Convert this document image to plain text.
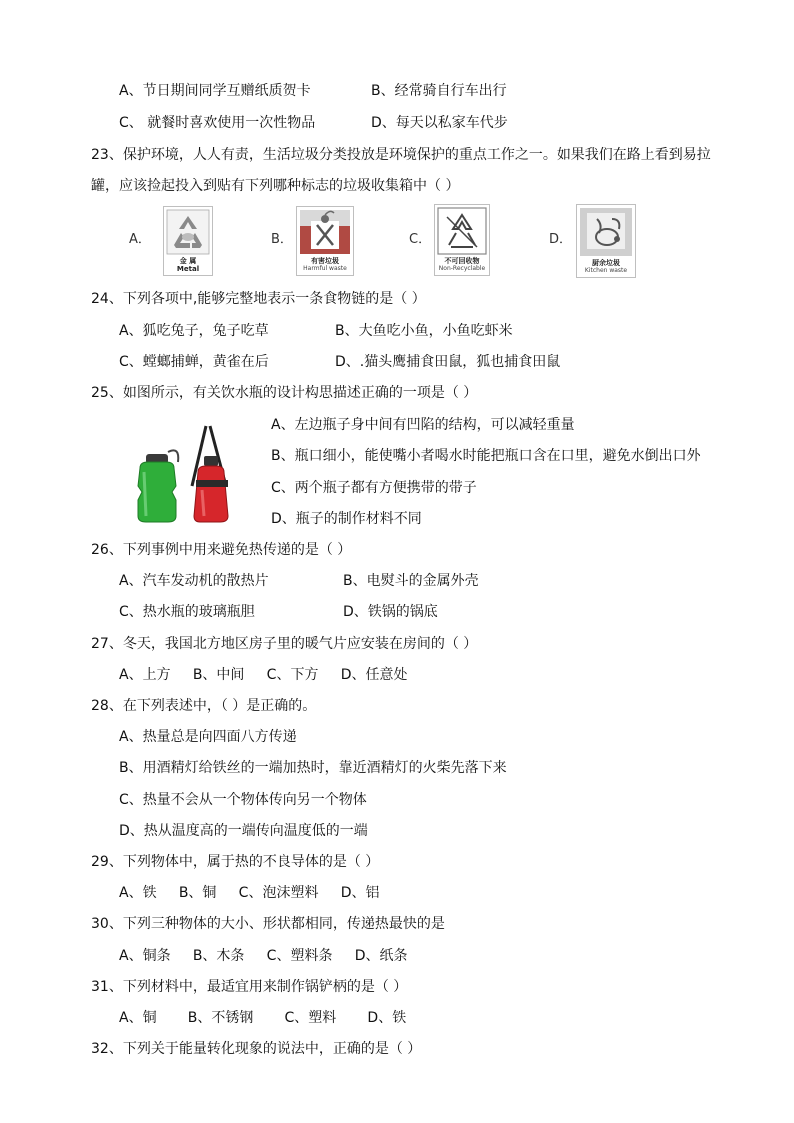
A、节日期间同学互赠纸质贺卡	B、经常骑自行车出行
C、 就餐时喜欢使用一次性物品	D、每天以私家车代步
23、保护环境，人人有责，生活垃圾分类投放是环境保护的重点工作之一。如果我们在路上看到易拉
罐，应该捡起投入到贴有下列哪种标志的垃圾收集箱中（ ）
A．
金 属
Metal
B．
有害垃圾
Harmful waste
C．
不可回收物
Non-Recyclable
D．
厨余垃圾
Kitchen waste
24、下列各项中,能够完整地表示一条食物链的是（ ）
A、狐吃兔子，兔子吃草	B、大鱼吃小鱼，小鱼吃虾米
C、螳螂捕蝉，黄雀在后	D、.猫头鹰捕食田鼠，狐也捕食田鼠
25、如图所示，有关饮水瓶的设计构思描述正确的一项是（ ）
A、左边瓶子身中间有凹陷的结构，可以减轻重量
B、瓶口细小，能使嘴小者喝水时能把瓶口含在口里，避免水倒出口外
C、两个瓶子都有方便携带的带子
D、瓶子的制作材料不同
26、下列事例中用来避免热传递的是（ ）
A、汽车发动机的散热片	B、电熨斗的金属外壳
C、热水瓶的玻璃瓶胆	D、铁锅的锅底
27、冬天，我国北方地区房子里的暖气片应安装在房间的（ ）
A、上方     B、中间     C、下方     D、任意处
28、在下列表述中，（ ）是正确的。
A、热量总是向四面八方传递
B、用酒精灯给铁丝的一端加热时，靠近酒精灯的火柴先落下来
C、热量不会从一个物体传向另一个物体
D、热从温度高的一端传向温度低的一端
29、下列物体中，属于热的不良导体的是（ ）
A、铁     B、铜     C、泡沫塑料     D、铝
30、下列三种物体的大小、形状都相同，传递热最快的是
A、铜条     B、木条     C、塑料条     D、纸条
31、下列材料中，最适宜用来制作锅铲柄的是（ ）
A、铜       B、不锈钢       C、塑料       D、铁
32、下列关于能量转化现象的说法中，正确的是（ ）
